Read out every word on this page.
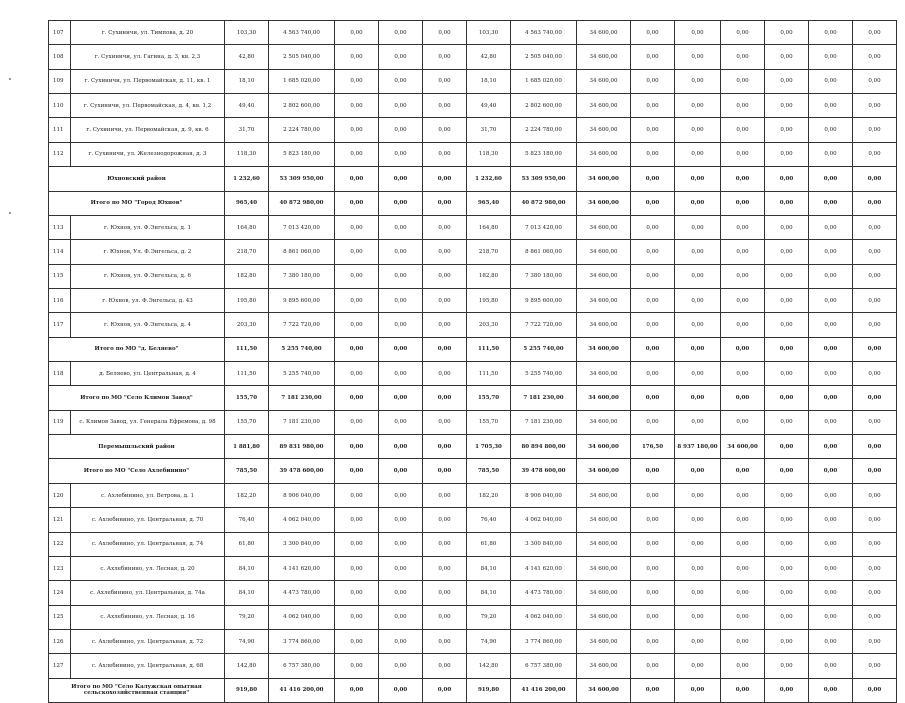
107	г. Сухиничи, ул. Тимпова, д. 20	103,30	4 563 740,00	0,00	0,00	0,00	103,30	4 563 740,00	34 600,00	0,00	0,00	0,00	0,00	0,00	0,00
108	г. Сухиничи, ул. Гагина, д. 3, кв. 2,3	42,80	2 505 040,00	0,00	0,00	0,00	42,80	2 505 040,00	34 600,00	0,00	0,00	0,00	0,00	0,00	0,00
109	г. Сухиничи, ул. Первомайская, д. 11, кв. 1	18,10	1 685 020,00	0,00	0,00	0,00	18,10	1 685 020,00	34 600,00	0,00	0,00	0,00	0,00	0,00	0,00
110	г. Сухиничи, ул. Первомайская, д. 4, кв. 1,2	49,40	2 802 600,00	0,00	0,00	0,00	49,40	2 802 600,00	34 600,00	0,00	0,00	0,00	0,00	0,00	0,00
111	г. Сухиничи, ул. Первомайская, д. 9, кв. 6	31,70	2 224 780,00	0,00	0,00	0,00	31,70	2 224 780,00	34 600,00	0,00	0,00	0,00	0,00	0,00	0,00
112	г. Сухиничи, ул. Железнодорожная, д. 3	118,30	5 823 180,00	0,00	0,00	0,00	118,30	5 823 180,00	34 600,00	0,00	0,00	0,00	0,00	0,00	0,00
Юхновский район		1 232,60	53 309 950,00	0,00	0,00	0,00	1 232,60	53 309 950,00	34 600,00	0,00	0,00	0,00	0,00	0,00	0,00
Итого по МО "Город Юхнов"		965,40	40 872 980,00	0,00	0,00	0,00	965,40	40 872 980,00	34 600,00	0,00	0,00	0,00	0,00	0,00	0,00
113	г. Юхнов, ул. Ф.Энгельса, д. 1	164,80	7 013 420,00	0,00	0,00	0,00	164,80	7 013 420,00	34 600,00	0,00	0,00	0,00	0,00	0,00	0,00
114	г. Юхнов, Ул. Ф.Энгельса, д. 2	218,70	8 861 060,00	0,00	0,00	0,00	218,70	8 861 060,00	34 600,00	0,00	0,00	0,00	0,00	0,00	0,00
115	г. Юхнов, ул. Ф.Энгельса, д. 6	182,80	7 380 180,00	0,00	0,00	0,00	182,80	7 380 180,00	34 600,00	0,00	0,00	0,00	0,00	0,00	0,00
116	г. Юхнов, ул. Ф.Энгельса, д. 43	195,80	9 895 600,00	0,00	0,00	0,00	195,80	9 895 600,00	34 600,00	0,00	0,00	0,00	0,00	0,00	0,00
117	г. Юхнов, ул. Ф.Энгельса, д. 4	203,30	7 722 720,00	0,00	0,00	0,00	203,30	7 722 720,00	34 600,00	0,00	0,00	0,00	0,00	0,00	0,00
Итого по МО "д. Беляево"		111,50	5 255 740,00	0,00	0,00	0,00	111,50	5 255 740,00	34 600,00	0,00	0,00	0,00	0,00	0,00	0,00
118	д. Беляево, ул. Центральная, д. 4	111,50	5 255 740,00	0,00	0,00	0,00	111,50	5 255 740,00	34 600,00	0,00	0,00	0,00	0,00	0,00	0,00
Итого по МО "Село Климов Завод"		155,70	7 181 230,00	0,00	0,00	0,00	155,70	7 181 230,00	34 600,00	0,00	0,00	0,00	0,00	0,00	0,00
119	с. Климов Завод, ул. Генерала Ефремова, д. 98	155,70	7 181 230,00	0,00	0,00	0,00	155,70	7 181 230,00	34 600,00	0,00	0,00	0,00	0,00	0,00	0,00
Перемышльский район		1 881,80	89 831 980,00	0,00	0,00	0,00	1 705,30	80 894 800,00	34 600,00	176,50	8 937 180,00	34 600,00	0,00	0,00	0,00
Итого по МО "Село Ахлебинино"		785,50	39 478 600,00	0,00	0,00	0,00	785,50	39 478 600,00	34 600,00	0,00	0,00	0,00	0,00	0,00	0,00
120	с. Ахлебинино, ул. Ветрова, д. 1	182,20	8 906 040,00	0,00	0,00	0,00	182,20	8 906 040,00	34 600,00	0,00	0,00	0,00	0,00	0,00	0,00
121	с. Ахлебинино, ул. Центральная, д. 70	76,40	4 062 040,00	0,00	0,00	0,00	76,40	4 062 040,00	34 600,00	0,00	0,00	0,00	0,00	0,00	0,00
122	с. Ахлебинино, ул. Центральная, д. 74	61,80	3 300 840,00	0,00	0,00	0,00	61,80	3 300 840,00	34 600,00	0,00	0,00	0,00	0,00	0,00	0,00
123	с. Ахлебинино, ул. Лесная, д. 20	84,10	4 141 620,00	0,00	0,00	0,00	84,10	4 141 620,00	34 600,00	0,00	0,00	0,00	0,00	0,00	0,00
124	с. Ахлебинино, ул. Центральная, д. 74а	84,10	4 473 780,00	0,00	0,00	0,00	84,10	4 473 780,00	34 600,00	0,00	0,00	0,00	0,00	0,00	0,00
125	с. Ахлебинино, ул. Лесная, д. 16	79,20	4 062 040,00	0,00	0,00	0,00	79,20	4 062 040,00	34 600,00	0,00	0,00	0,00	0,00	0,00	0,00
126	с. Ахлебинино, ул. Центральная, д. 72	74,90	3 774 860,00	0,00	0,00	0,00	74,90	3 774 860,00	34 600,00	0,00	0,00	0,00	0,00	0,00	0,00
127	с. Ахлебинино, ул. Центральная, д. 68	142,80	6 757 380,00	0,00	0,00	0,00	142,80	6 757 380,00	34 600,00	0,00	0,00	0,00	0,00	0,00	0,00
Итого по МО "Село Калужская опытная сельскохозяйственная станция"		919,80	41 416 200,00	0,00	0,00	0,00	919,80	41 416 200,00	34 600,00	0,00	0,00	0,00	0,00	0,00	0,00
